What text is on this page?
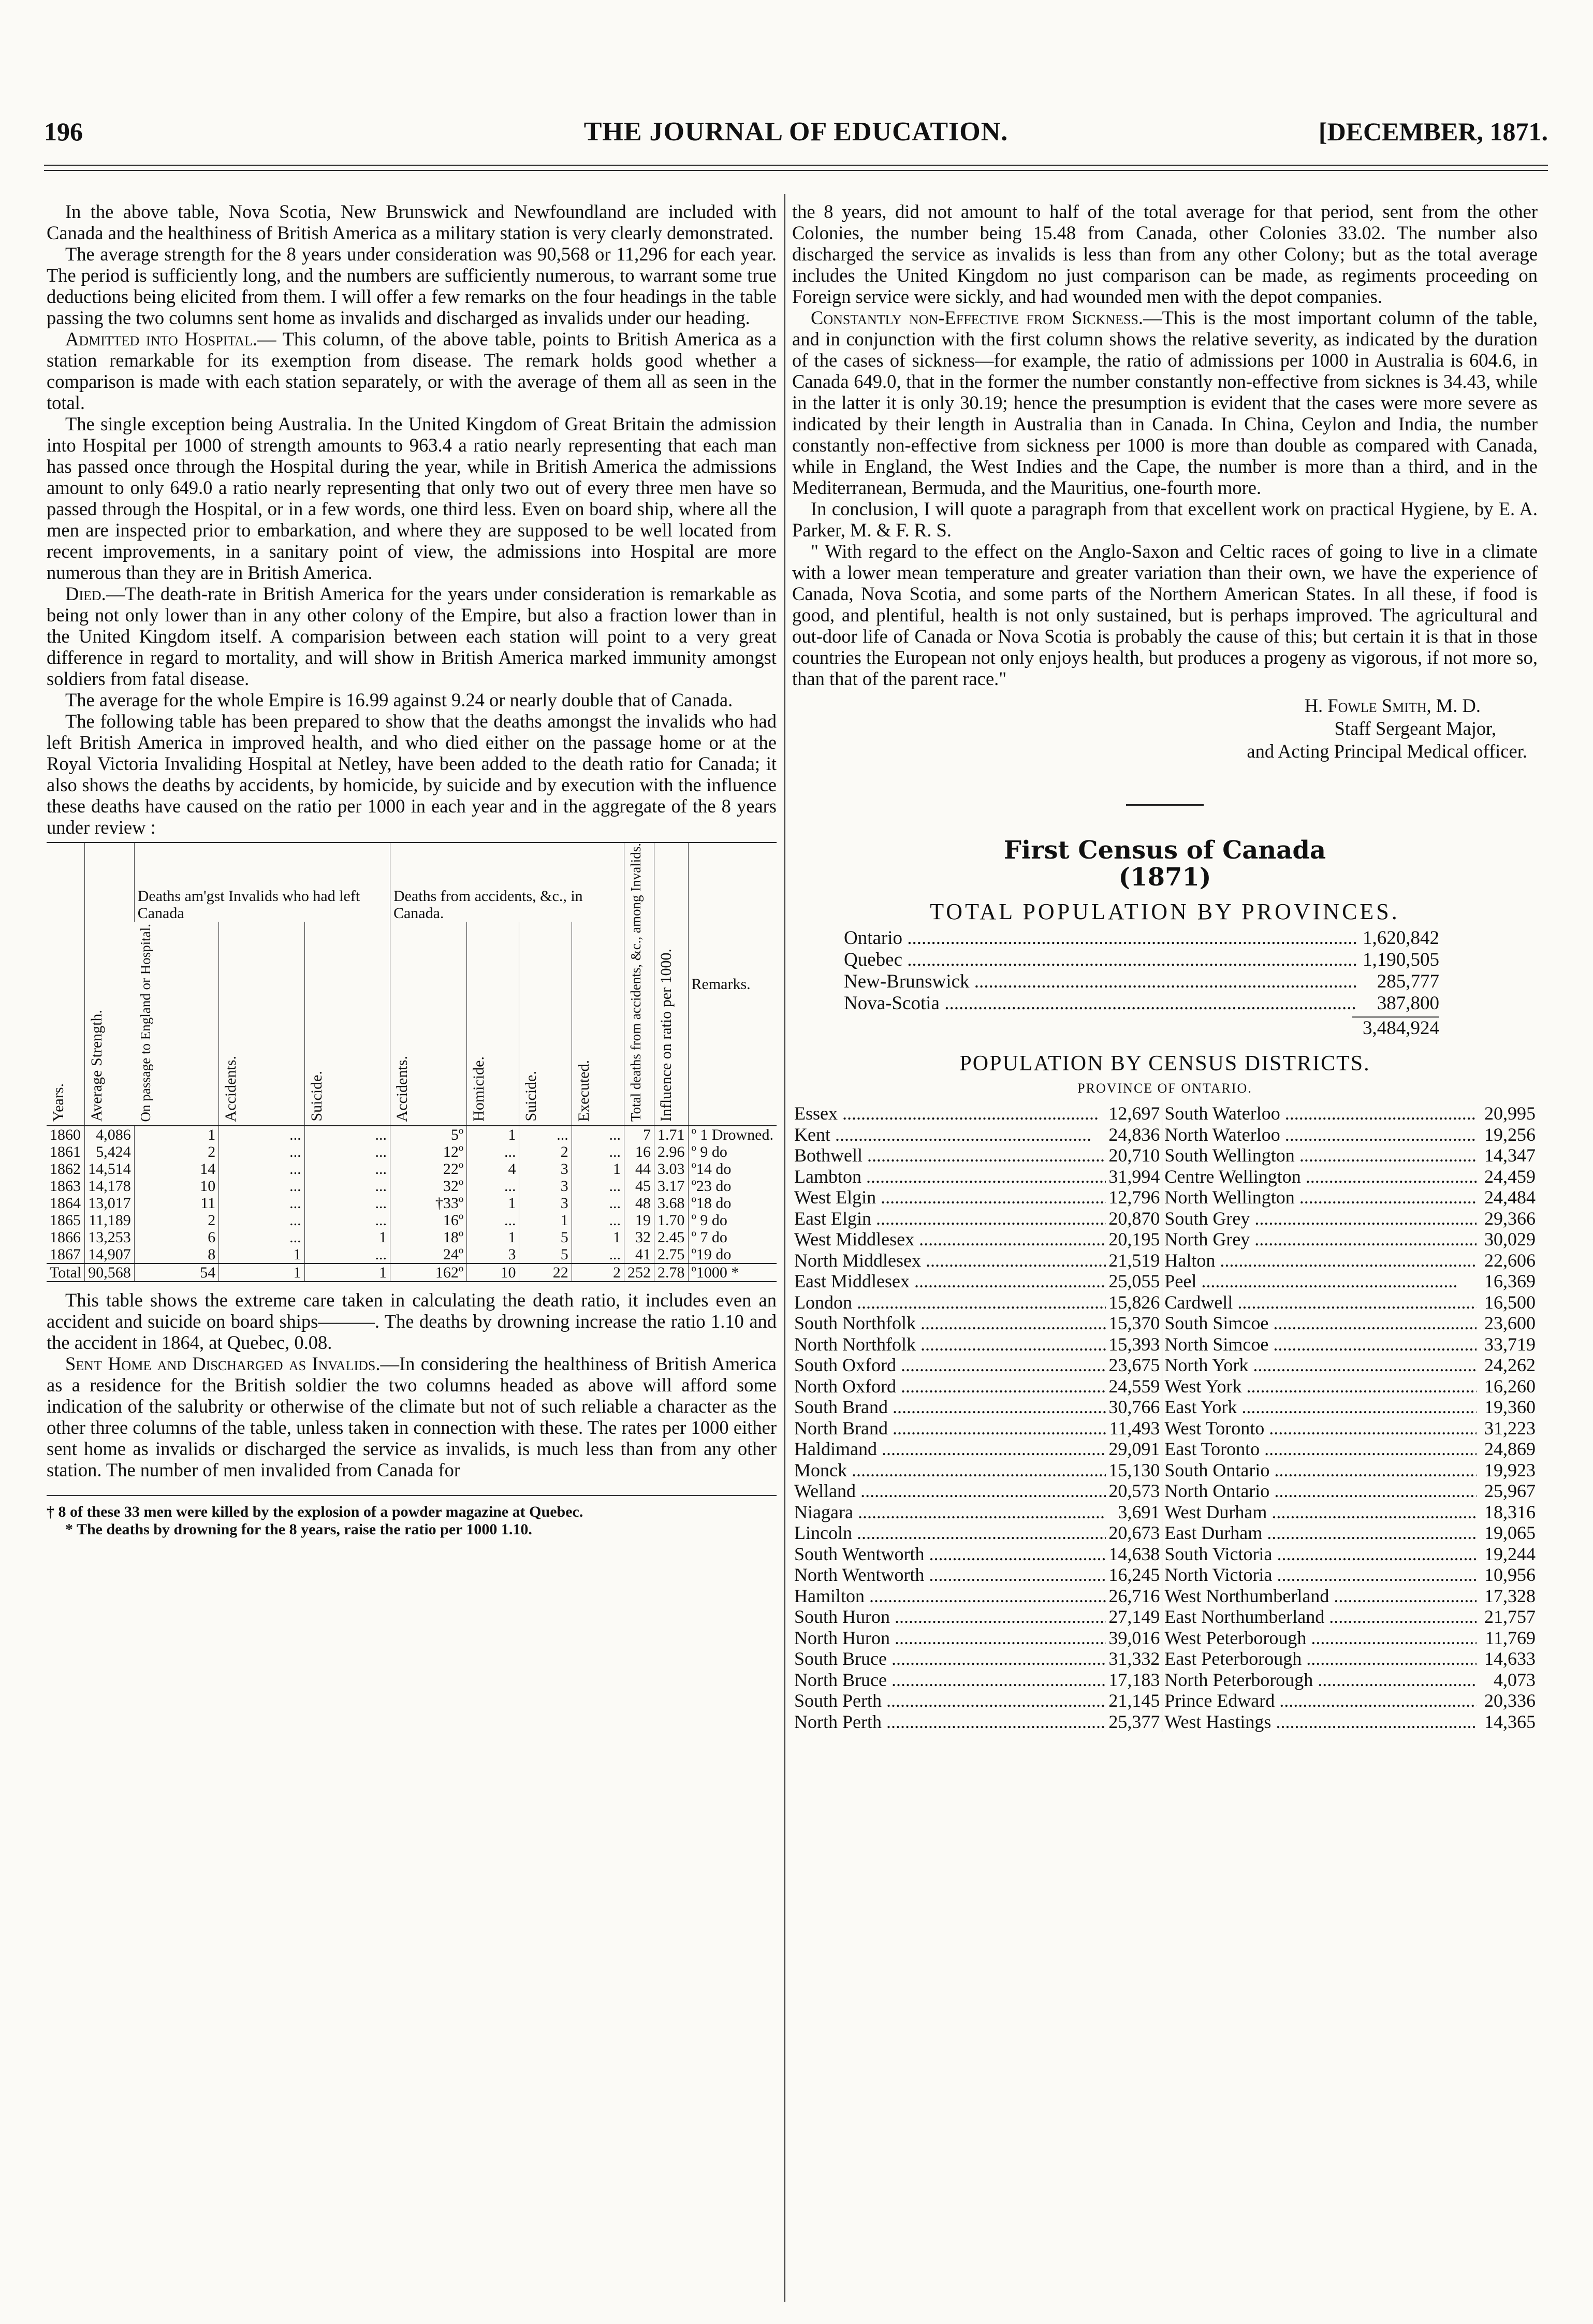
196	THE JOURNAL OF EDUCATION.	[DECEMBER, 1871.

In the above table, Nova Scotia, New Brunswick and Newfoundland are included with Canada and the healthiness of British America as a military station is very clearly demonstrated.

The average strength for the 8 years under consideration was 90,568 or 11,296 for each year. The period is sufficiently long, and the numbers are sufficiently numerous, to warrant some true deductions being elicited from them. I will offer a few remarks on the four headings in the table passing the two columns sent home as invalids and discharged as invalids under our heading.

Admitted into Hospital.— This column, of the above table, points to British America as a station remarkable for its exemption from disease. The remark holds good whether a comparison is made with each station separately, or with the average of them all as seen in the total.

The single exception being Australia. In the United Kingdom of Great Britain the admission into Hospital per 1000 of strength amounts to 963.4 a ratio nearly representing that each man has passed once through the Hospital during the year, while in British America the admissions amount to only 649.0 a ratio nearly representing that only two out of every three men have so passed through the Hospital, or in a few words, one third less. Even on board ship, where all the men are inspected prior to embarkation, and where they are supposed to be well located from recent improvements, in a sanitary point of view, the admissions into Hospital are more numerous than they are in British America.

Died.—The death-rate in British America for the years under consideration is remarkable as being not only lower than in any other colony of the Empire, but also a fraction lower than in the United Kingdom itself. A comparision between each station will point to a very great difference in regard to mortality, and will show in British America marked immunity amongst soldiers from fatal disease.

The average for the whole Empire is 16.99 against 9.24 or nearly double that of Canada.

The following table has been prepared to show that the deaths amongst the invalids who had left British America in improved health, and who died either on the passage home or at the Royal Victoria Invaliding Hospital at Netley, have been added to the death ratio for Canada; it also shows the deaths by accidents, by homicide, by suicide and by execution with the influence these deaths have caused on the ratio per 1000 in each year and in the aggregate of the 8 years under review :

Years.	Average Strength.	Deaths am'gst Invalids who had left Canada			Deaths from accidents, &c., in Canada.				Total deaths from accidents, &c., among Invalids.	Influence on ratio per 1000.	Remarks.
		On passage to England or Hospital.	Accidents.	Suicide.	Accidents.	Homicide.	Suicide.	Executed.			
1860	4,086	1	...	...	5º	1	...	...	7	1.71	º 1 Drowned.
1861	5,424	2	...	...	12º	...	2	...	16	2.96	º 9 do
1862	14,514	14	...	...	22º	4	3	1	44	3.03	º14 do
1863	14,178	10	...	...	32º	...	3	...	45	3.17	º23 do
1864	13,017	11	...	...	†33º	1	3	...	48	3.68	º18 do
1865	11,189	2	...	...	16º	...	1	...	19	1.70	º 9 do
1866	13,253	6	...	1	18º	1	5	1	32	2.45	º 7 do
1867	14,907	8	1	...	24º	3	5	...	41	2.75	º19 do
Total	90,568	54	1	1	162º	10	22	2	252	2.78	º1000 *

This table shows the extreme care taken in calculating the death ratio, it includes even an accident and suicide on board ships———. The deaths by drowning increase the ratio 1.10 and the accident in 1864, at Quebec, 0.08.

Sent Home and Discharged as Invalids.—In considering the healthiness of British America as a residence for the British soldier the two columns headed as above will afford some indication of the salubrity or otherwise of the climate but not of such reliable a character as the other three columns of the table, unless taken in connection with these. The rates per 1000 either sent home as invalids or discharged the service as invalids, is much less than from any other station. The number of men invalided from Canada for

† 8 of these 33 men were killed by the explosion of a powder magazine at Quebec.
* The deaths by drowning for the 8 years, raise the ratio per 1000 1.10.

the 8 years, did not amount to half of the total average for that period, sent from the other Colonies, the number being 15.48 from Canada, other Colonies 33.02. The number also discharged the service as invalids is less than from any other Colony; but as the total average includes the United Kingdom no just comparison can be made, as regiments proceeding on Foreign service were sickly, and had wounded men with the depot companies.

Constantly non-Effective from Sickness.—This is the most important column of the table, and in conjunction with the first column shows the relative severity, as indicated by the duration of the cases of sickness—for example, the ratio of admissions per 1000 in Australia is 604.6, in Canada 649.0, that in the former the number constantly non-effective from sicknes is 34.43, while in the latter it is only 30.19; hence the presumption is evident that the cases were more severe as indicated by their length in Australia than in Canada. In China, Ceylon and India, the number constantly non-effective from sickness per 1000 is more than double as compared with Canada, while in England, the West Indies and the Cape, the number is more than a third, and in the Mediterranean, Bermuda, and the Mauritius, one-fourth more.

In conclusion, I will quote a paragraph from that excellent work on practical Hygiene, by E. A. Parker, M. & F. R. S.

" With regard to the effect on the Anglo-Saxon and Celtic races of going to live in a climate with a lower mean temperature and greater variation than their own, we have the experience of Canada, Nova Scotia, and some parts of the Northern American States. In all these, if food is good, and plentiful, health is not only sustained, but is perhaps improved. The agricultural and out-door life of Canada or Nova Scotia is probably the cause of this; but certain it is that in those countries the European not only enjoys health, but produces a progeny as vigorous, if not more so, than that of the parent race."

H. Fowle Smith, M. D.
Staff Sergeant Major,
and Acting Principal Medical officer.
First Census of Canada
(1871)
TOTAL POPULATION BY PROVINCES.
Ontario .....	1,620,842
Quebec .....	1,190,505
New-Brunswick .....	285,777
Nova-Scotia .....	387,800
3,484,924
POPULATION BY CENSUS DISTRICTS.
PROVINCE OF ONTARIO.
Essex .....	12,697	South Waterloo .....	20,995
Kent .....	24,836	North Waterloo .....	19,256
Bothwell .....	20,710	South Wellington .....	14,347
Lambton .....	31,994	Centre Wellington .....	24,459
West Elgin .....	12,796	North Wellington .....	24,484
East Elgin .....	20,870	South Grey .....	29,366
West Middlesex .....	20,195	North Grey .....	30,029
North Middlesex .....	21,519	Halton .....	22,606
East Middlesex .....	25,055	Peel .....	16,369
London .....	15,826	Cardwell .....	16,500
South Northfolk .....	15,370	South Simcoe .....	23,600
North Northfolk .....	15,393	North Simcoe .....	33,719
South Oxford .....	23,675	North York .....	24,262
North Oxford .....	24,559	West York .....	16,260
South Brand .....	30,766	East York .....	19,360
North Brand .....	11,493	West Toronto .....	31,223
Haldimand .....	29,091	East Toronto .....	24,869
Monck .....	15,130	South Ontario .....	19,923
Welland .....	20,573	North Ontario .....	25,967
Niagara .....	3,691	West Durham .....	18,316
Lincoln .....	20,673	East Durham .....	19,065
South Wentworth .....	14,638	South Victoria .....	19,244
North Wentworth .....	16,245	North Victoria .....	10,956
Hamilton .....	26,716	West Northumberland .....	17,328
South Huron .....	27,149	East Northumberland .....	21,757
North Huron .....	39,016	West Peterborough .....	11,769
South Bruce .....	31,332	East Peterborough .....	14,633
North Bruce .....	17,183	North Peterborough .....	4,073
South Perth .....	21,145	Prince Edward .....	20,336
North Perth .....	25,377	West Hastings .....	14,365
